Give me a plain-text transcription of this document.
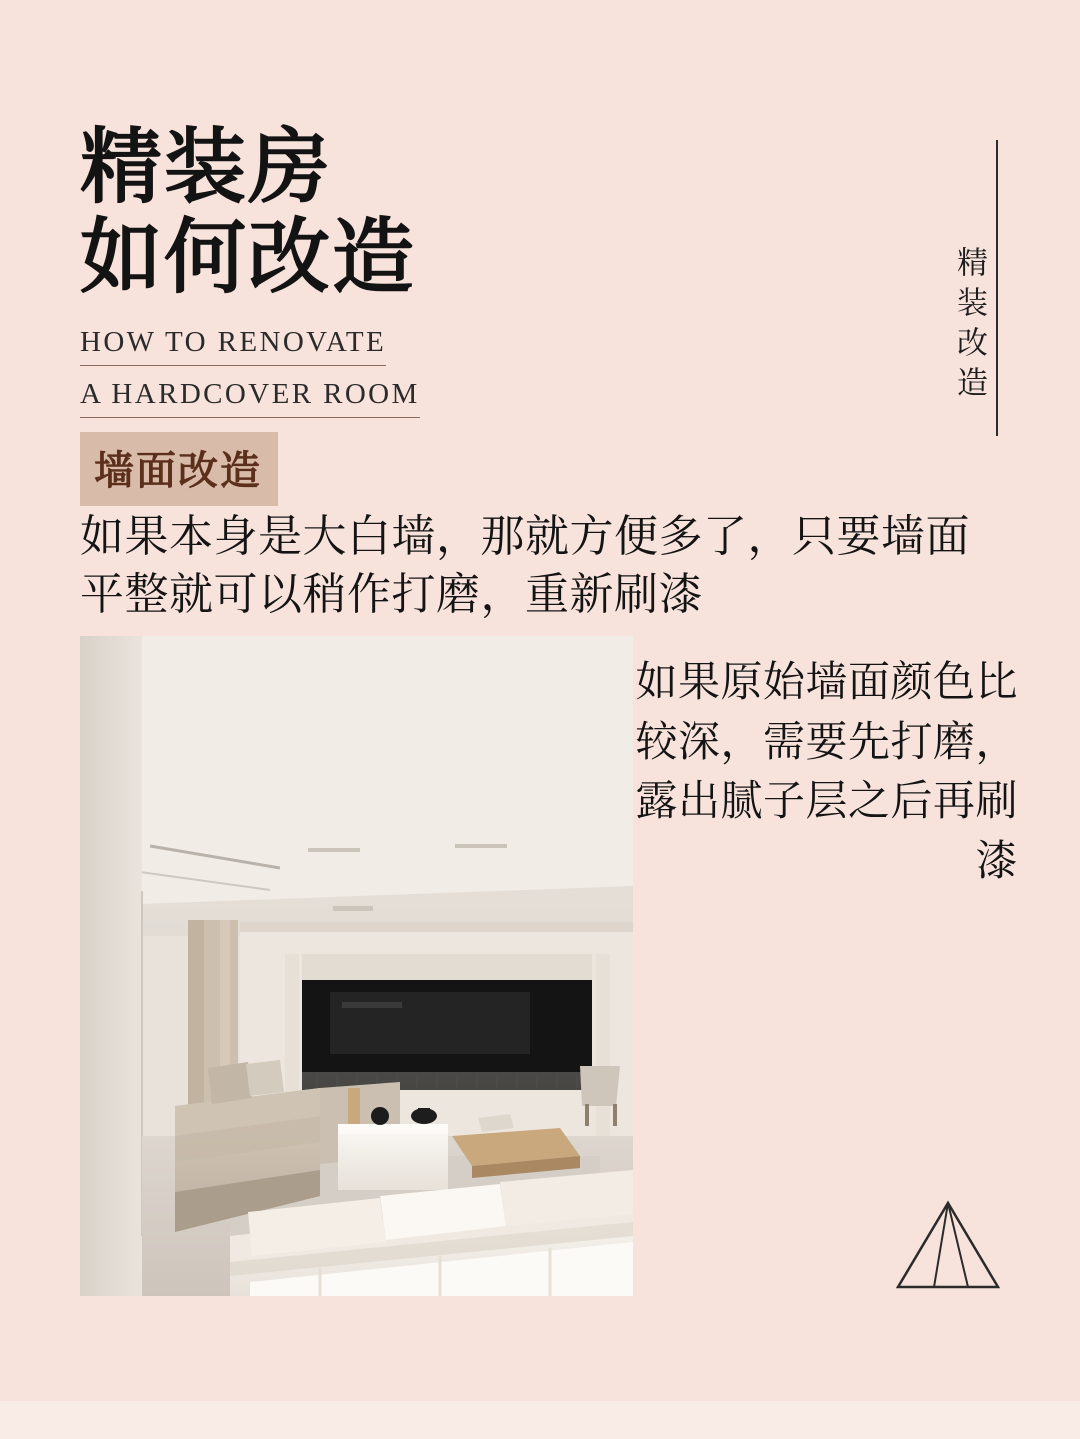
精装房
如何改造
HOW TO RENOVATE
A HARDCOVER ROOM	精装改造
墙面改造
如果本身是大白墙，那就方便多了，只要墙面平整就可以稍作打磨，重新刷漆
如果原始墙面颜色比较深，需要先打磨，露出腻子层之后再刷漆
